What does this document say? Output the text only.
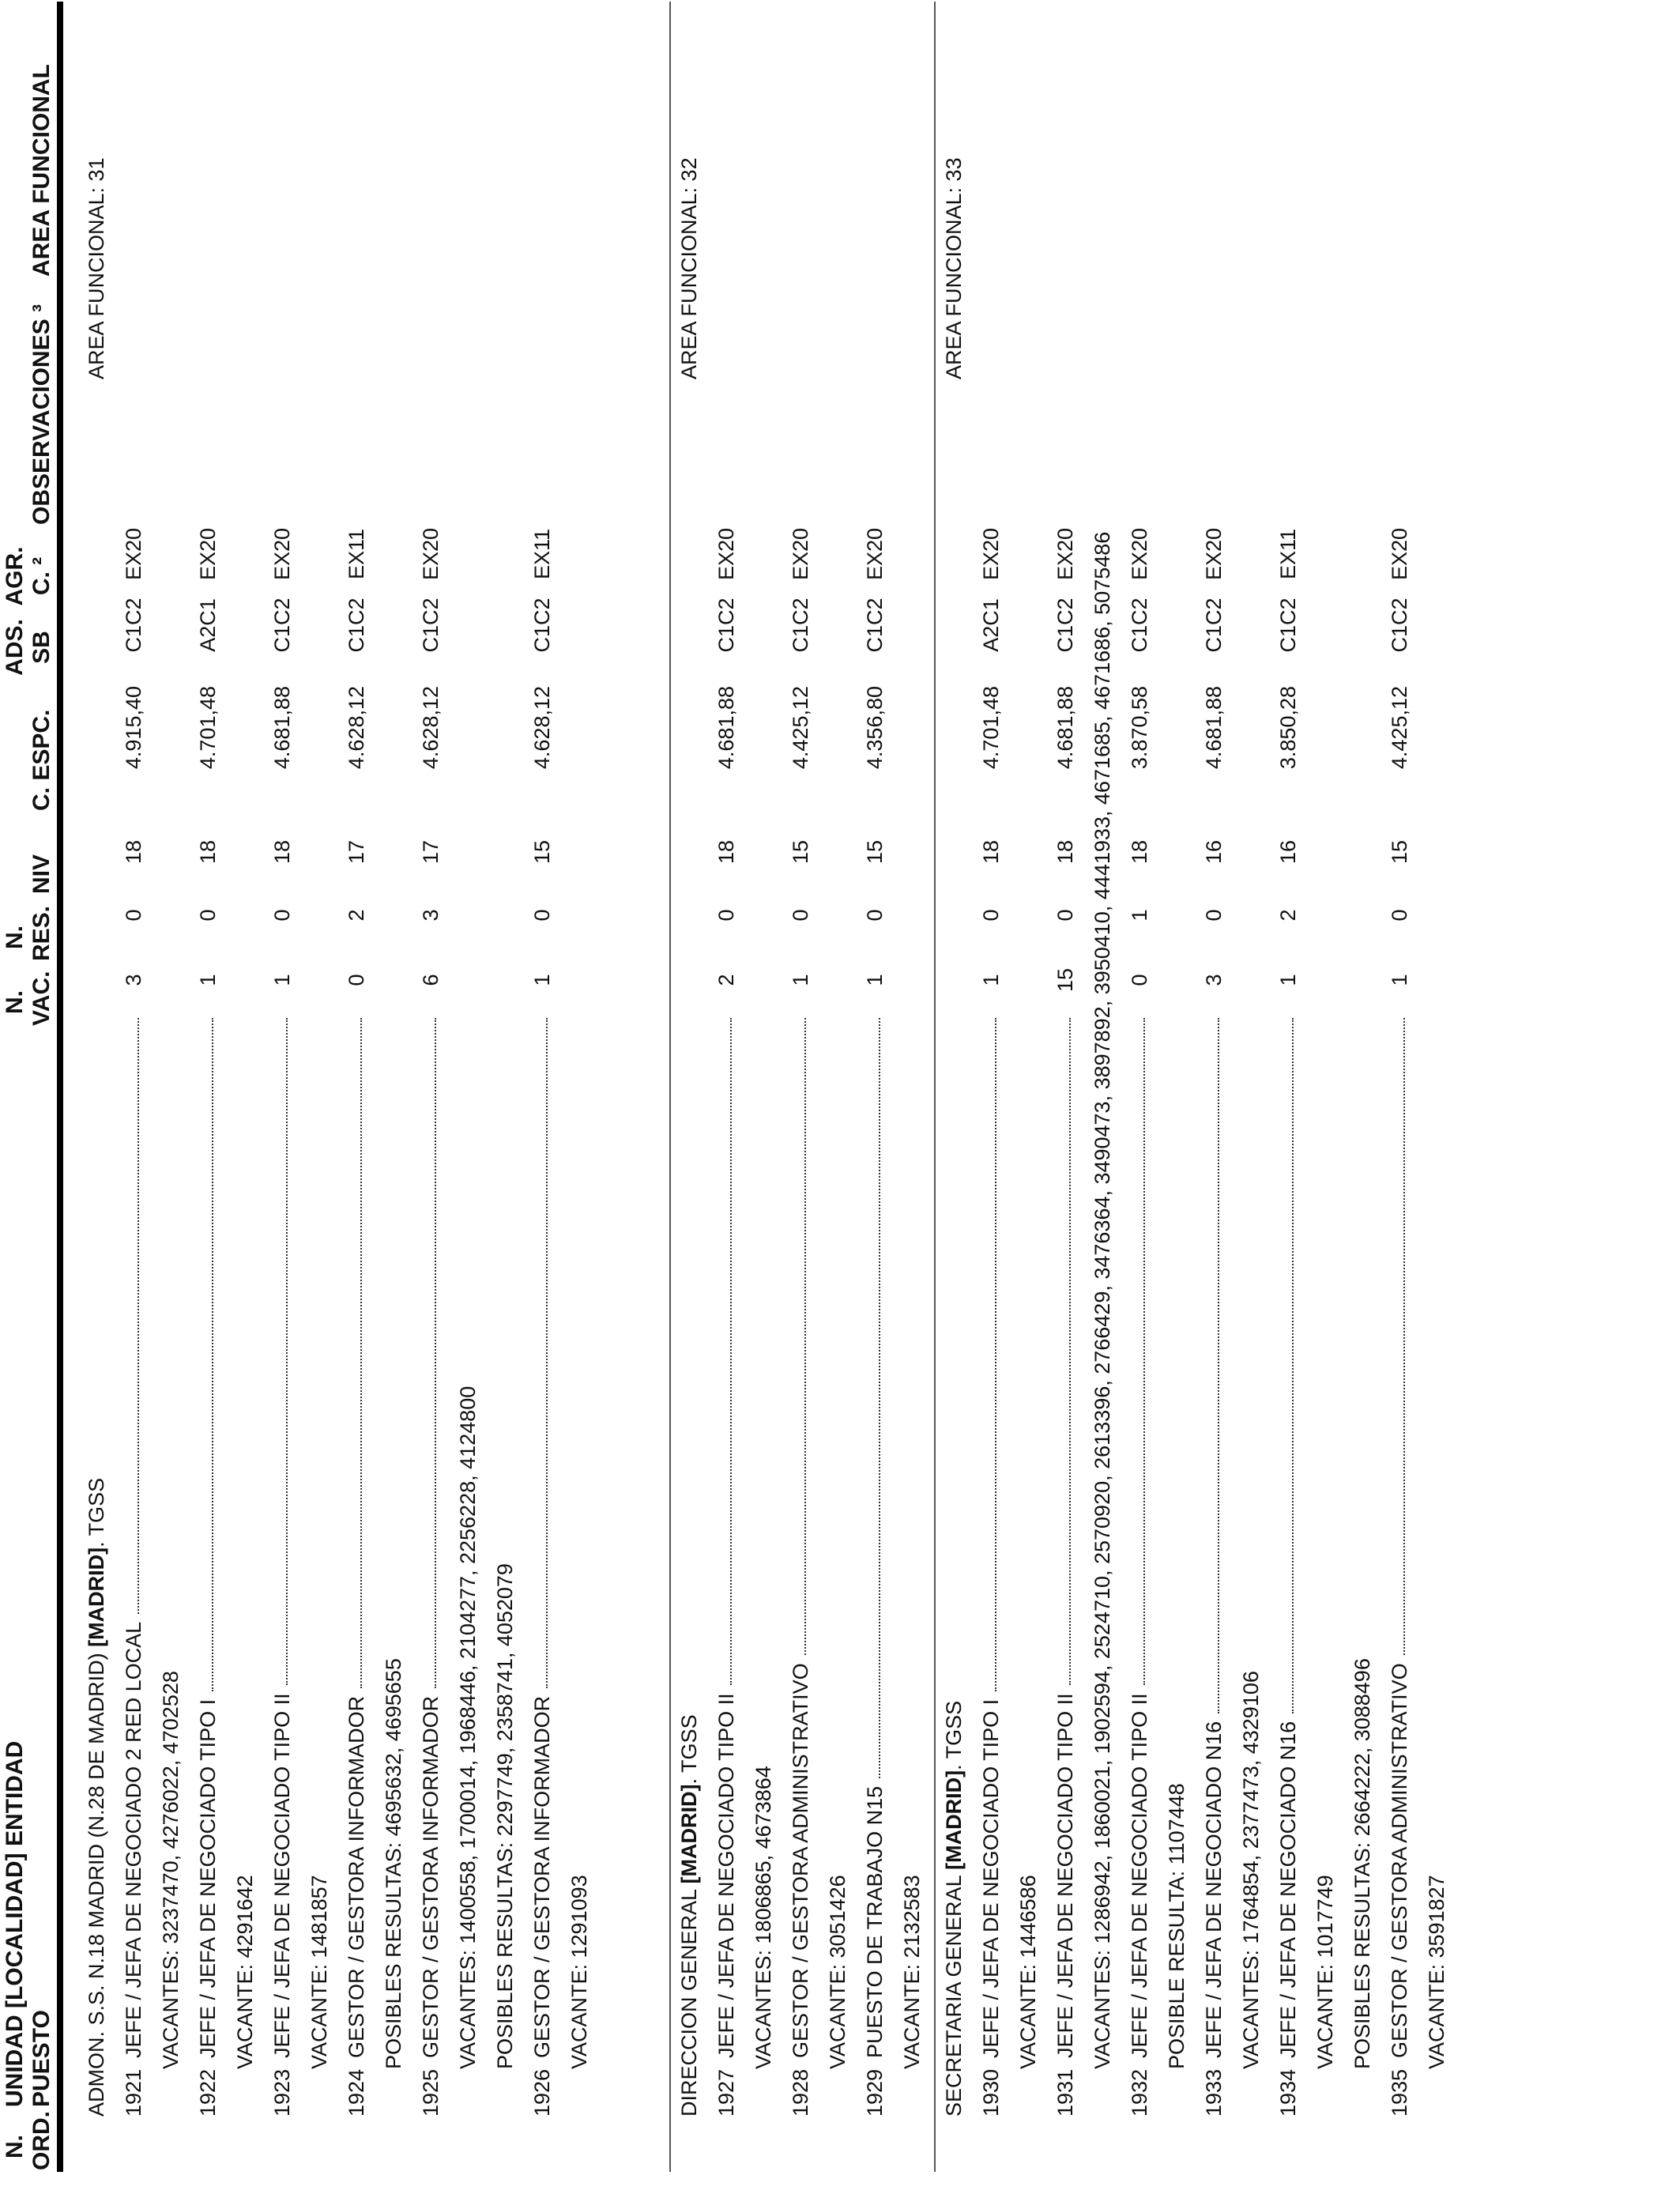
N.
ORD.
UNIDAD [LOCALIDAD] ENTIDAD
PUESTO
N.
VAC.
N.
RES.
NIV
C. ESPC.
ADS.
SB
AGR.
C. ²
OBSERVACIONES ³
AREA FUNCIONAL
ADMON. S.S. N.18 MADRID (N.28 DE MADRID) [MADRID]. TGSS
AREA FUNCIONAL: 31
1921
JEFE / JEFA DE NEGOCIADO 2 RED LOCAL
3
0
18
4.915,40
C1C2
EX20
VACANTES: 3237470, 4276022, 4702528
1922
JEFE / JEFA DE NEGOCIADO TIPO I
1
0
18
4.701,48
A2C1
EX20
VACANTE: 4291642
1923
JEFE / JEFA DE NEGOCIADO TIPO II
1
0
18
4.681,88
C1C2
EX20
VACANTE: 1481857
1924
GESTOR / GESTORA INFORMADOR
0
2
17
4.628,12
C1C2
EX11
POSIBLES RESULTAS: 4695632, 4695655
1925
GESTOR / GESTORA INFORMADOR
6
3
17
4.628,12
C1C2
EX20
VACANTES: 1400558, 1700014, 1968446, 2104277, 2256228, 4124800 POSIBLES RESULTAS: 2297749, 2358741, 4052079
1926
GESTOR / GESTORA INFORMADOR
1
0
15
4.628,12
C1C2
EX11
VACANTE: 1291093	DIRECCION GENERAL [MADRID]. TGSS
AREA FUNCIONAL: 32
1927
JEFE / JEFA DE NEGOCIADO TIPO II
2
0
18
4.681,88
C1C2
EX20
VACANTES: 1806865, 4673864
1928
GESTOR / GESTORA ADMINISTRATIVO
1
0
15
4.425,12
C1C2
EX20
VACANTE: 3051426
1929
PUESTO DE TRABAJO N15
1
0
15
4.356,80
C1C2
EX20
VACANTE: 2132583 SECRETARIA GENERAL [MADRID]. TGSS
AREA FUNCIONAL: 33
1930
JEFE / JEFA DE NEGOCIADO TIPO I
1
0
18
4.701,48
A2C1
EX20
VACANTE: 1446586
1931
JEFE / JEFA DE NEGOCIADO TIPO II
15
0
18
4.681,88
C1C2
EX20 VACANTES: 1286942, 1860021, 1902594, 2524710, 2570920, 2613396, 2766429, 3476364, 3490473, 3897892, 3950410, 4441933, 4671685, 4671686, 5075486
1932
JEFE / JEFA DE NEGOCIADO TIPO II
0
1
18
3.870,58
C1C2
EX20
POSIBLE RESULTA: 1107448
1933
JEFE / JEFA DE NEGOCIADO N16
3
0
16
4.681,88
C1C2
EX20
VACANTES: 1764854, 2377473, 4329106
1934
JEFE / JEFA DE NEGOCIADO N16
1
2
16
3.850,28
C1C2
EX11
VACANTE: 1017749 POSIBLES RESULTAS: 2664222, 3088496
1935
GESTOR / GESTORA ADMINISTRATIVO
1
0
15
4.425,12
C1C2
EX20
VACANTE: 3591827
